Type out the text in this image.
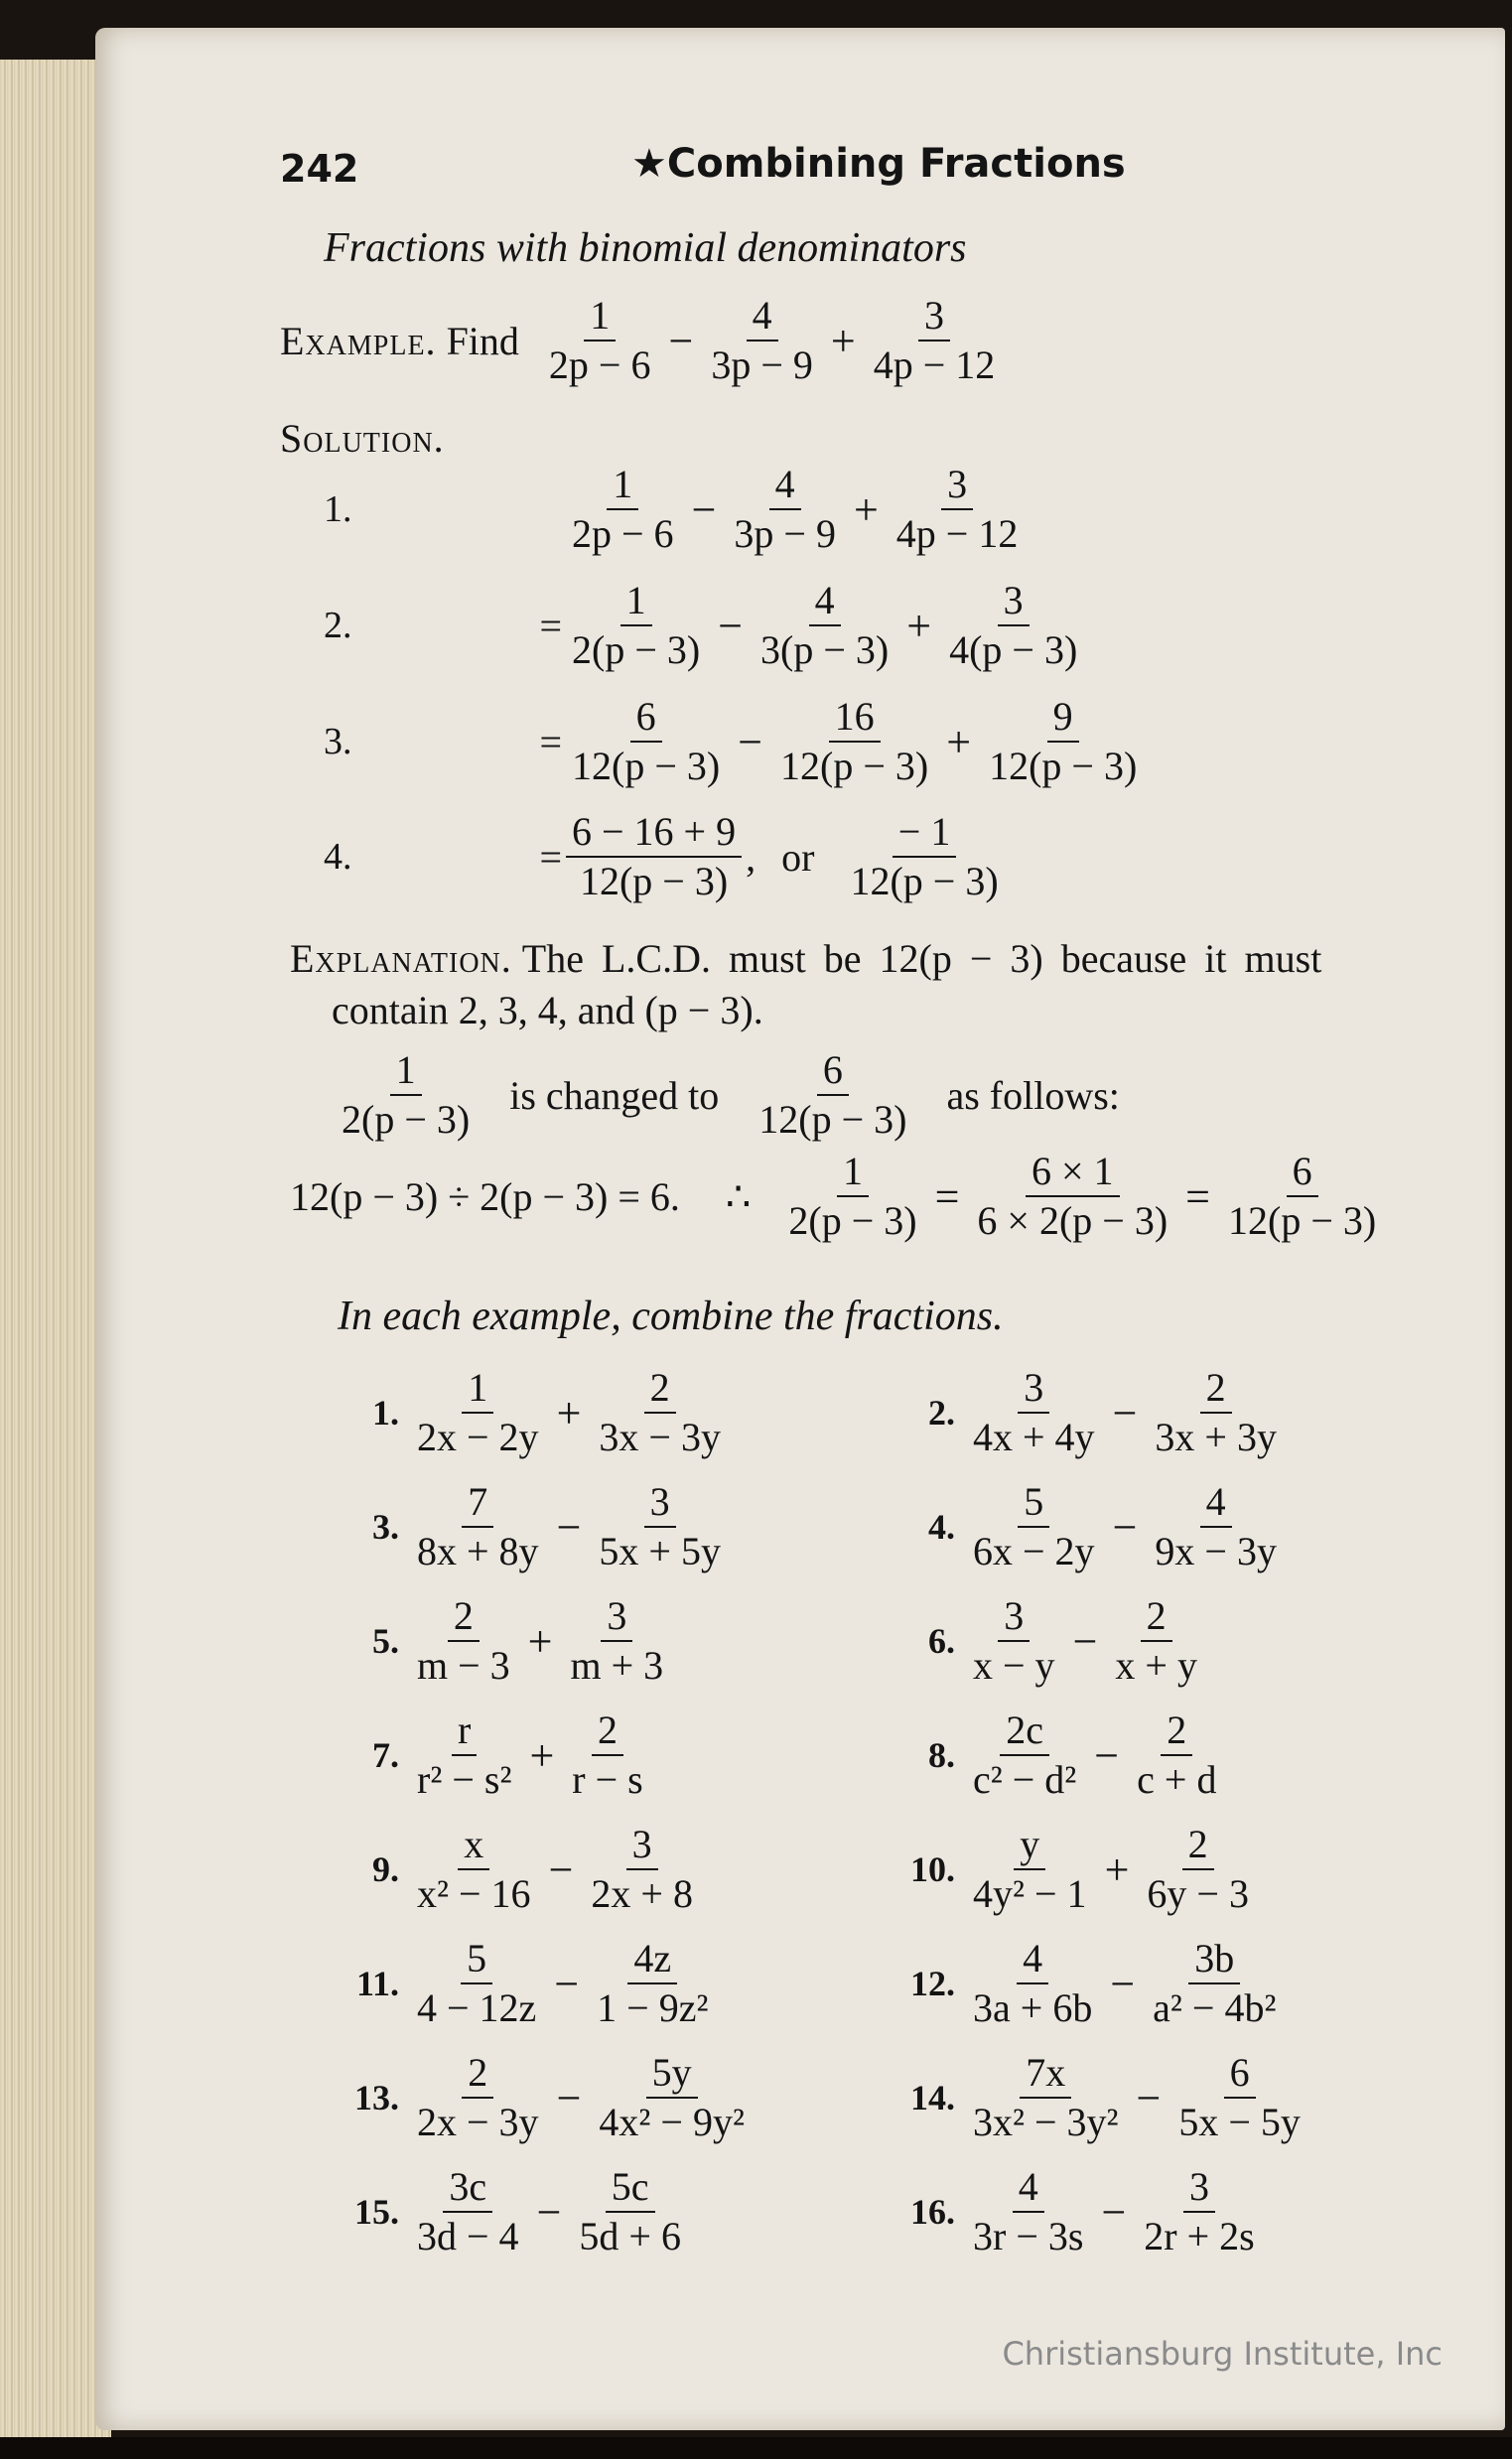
242	★Combining Fractions
Fractions with binomial denominators
Example.
Find
$\frac{1}{2p - 6} - \frac{4}{3p - 9} + \frac{3}{4p - 12}$
Solution.
1.	$\frac{1}{2p - 6} - \frac{4}{3p - 9} + \frac{3}{4p - 12}$
2.	= $\frac{1}{2(p - 3)} - \frac{4}{3(p - 3)} + \frac{3}{4(p - 3)}$
3.	= $\frac{6}{12(p - 3)} - \frac{16}{12(p - 3)} + \frac{9}{12(p - 3)}$
4.	= $\frac{6 - 16 + 9}{12(p - 3)}$ , or $\frac{- 1}{12(p - 3)}$
Explanation.
The L.C.D. must be 12(p − 3) because it must
contain 2, 3, 4, and (p − 3).
$\frac{1}{2(p - 3)}$ is changed to $\frac{6}{12(p - 3)}$ as follows:
12(p − 3) ÷ 2(p − 3) = 6. ∴ $\frac{1}{2(p - 3)} = \frac{6 \times 1}{6 \times 2(p - 3)} = \frac{6}{12(p - 3)}$
In each example, combine the fractions.
1. $\frac{1}{2x - 2y} + \frac{2}{3x - 3y}$	2. $\frac{3}{4x + 4y} - \frac{2}{3x + 3y}$
3. $\frac{7}{8x + 8y} - \frac{3}{5x + 5y}$	4. $\frac{5}{6x - 2y} - \frac{4}{9x - 3y}$
5. $\frac{2}{m - 3} + \frac{3}{m + 3}$	6. $\frac{3}{x - y} - \frac{2}{x + y}$
7. $\frac{r}{\text{r² − s²}} + \frac{2}{r - s}$	8. $\frac{2c}{\text{c² − d²}} - \frac{2}{c + d}$
9. $\frac{x}{\text{x² − 16}} - \frac{3}{2x + 8}$	10. $\frac{y}{\text{4y² − 1}} + \frac{2}{6y - 3}$
11. $\frac{5}{4 - 12z} - \frac{4z}{\text{1 − 9z²}}$	12. $\frac{4}{3a + 6b} - \frac{3b}{\text{a² − 4b²}}$
13. $\frac{2}{2x - 3y} - \frac{5y}{\text{4x² − 9y²}}$	14. $\frac{7x}{\text{3x² − 3y²}} - \frac{6}{5x - 5y}$
15. $\frac{3c}{3d - 4} - \frac{5c}{5d + 6}$	16. $\frac{4}{3r - 3s} - \frac{3}{2r + 2s}$
Christiansburg Institute, Inc
